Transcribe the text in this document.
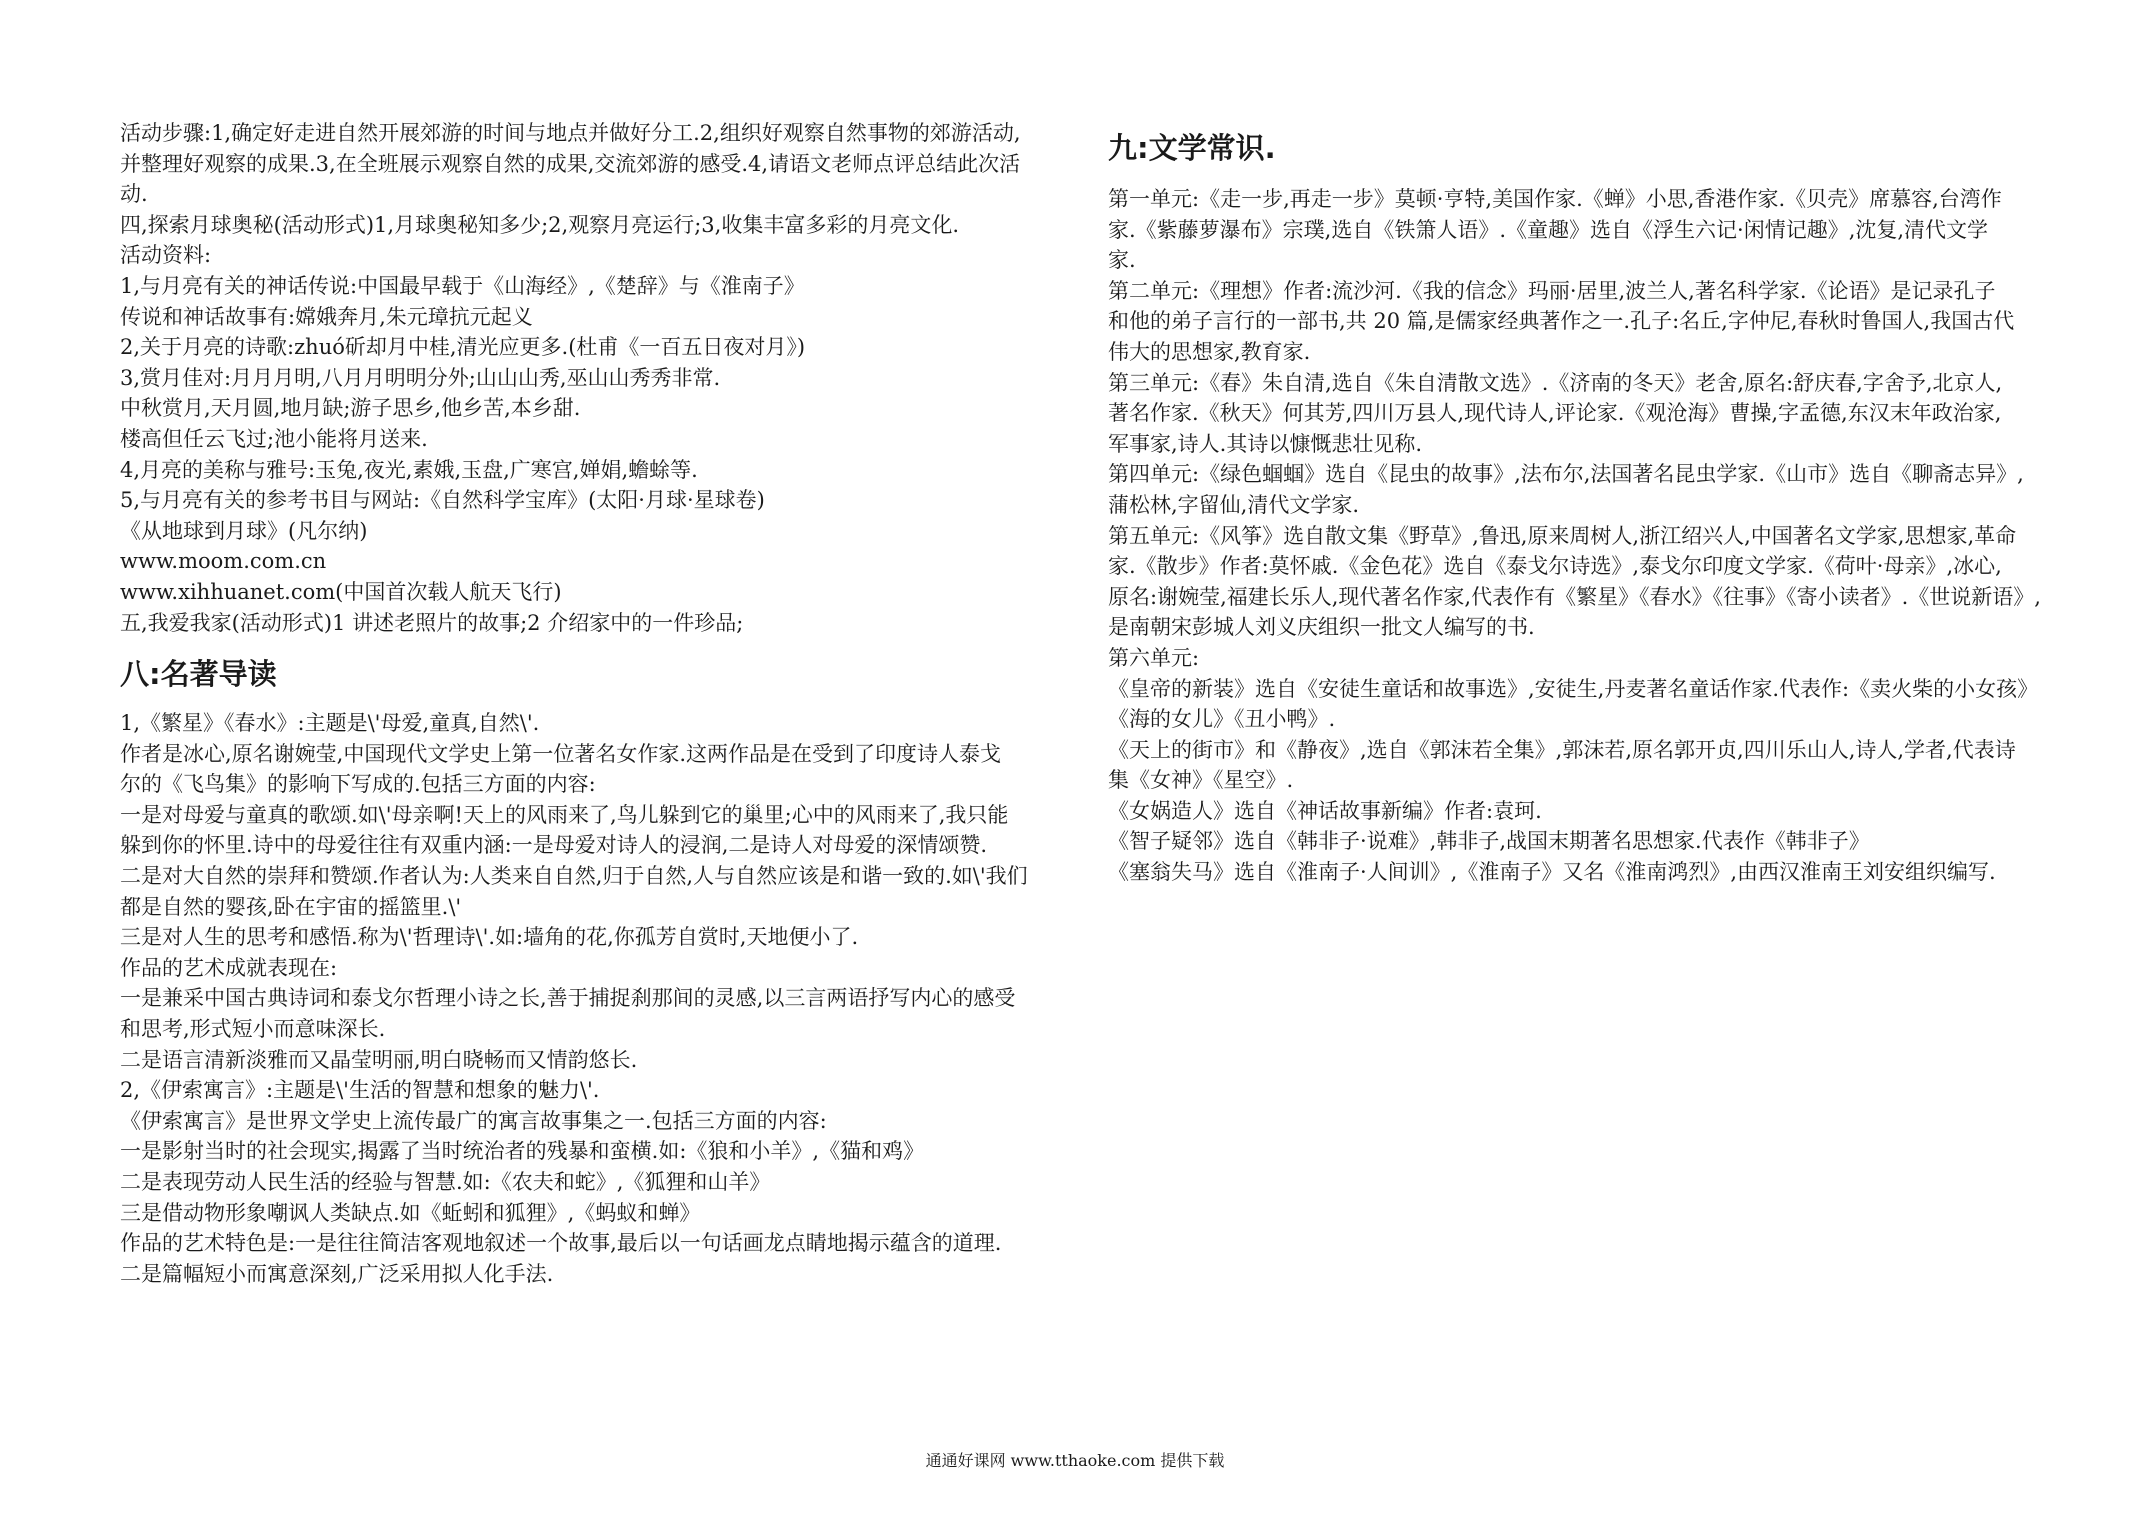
活动步骤:1,确定好走进自然开展郊游的时间与地点并做好分工.2,组织好观察自然事物的郊游活动,
并整理好观察的成果.3,在全班展示观察自然的成果,交流郊游的感受.4,请语文老师点评总结此次活
动.
四,探索月球奥秘(活动形式)1,月球奥秘知多少;2,观察月亮运行;3,收集丰富多彩的月亮文化.
活动资料:
1,与月亮有关的神话传说:中国最早载于《山海经》,《楚辞》与《淮南子》
传说和神话故事有:嫦娥奔月,朱元璋抗元起义
2,关于月亮的诗歌:zhuó斫却月中桂,清光应更多.(杜甫《一百五日夜对月》)
3,赏月佳对:月月月明,八月月明明分外;山山山秀,巫山山秀秀非常.
中秋赏月,天月圆,地月缺;游子思乡,他乡苦,本乡甜.
楼高但任云飞过;池小能将月送来.
4,月亮的美称与雅号:玉兔,夜光,素娥,玉盘,广寒宫,婵娟,蟾蜍等.
5,与月亮有关的参考书目与网站:《自然科学宝库》(太阳·月球·星球卷)
《从地球到月球》(凡尔纳)
www.moom.com.cn
www.xihhuanet.com(中国首次载人航天飞行)
五,我爱我家(活动形式)1 讲述老照片的故事;2 介绍家中的一件珍品;
八:名著导读
1,《繁星》《春水》:主题是\'母爱,童真,自然\'.
作者是冰心,原名谢婉莹,中国现代文学史上第一位著名女作家.这两作品是在受到了印度诗人泰戈
尔的《飞鸟集》的影响下写成的.包括三方面的内容:
一是对母爱与童真的歌颂.如\'母亲啊!天上的风雨来了,鸟儿躲到它的巢里;心中的风雨来了,我只能
躲到你的怀里.诗中的母爱往往有双重内涵:一是母爱对诗人的浸润,二是诗人对母爱的深情颂赞.
二是对大自然的崇拜和赞颂.作者认为:人类来自自然,归于自然,人与自然应该是和谐一致的.如\'我们
都是自然的婴孩,卧在宇宙的摇篮里.\'
三是对人生的思考和感悟.称为\'哲理诗\'.如:墙角的花,你孤芳自赏时,天地便小了.
作品的艺术成就表现在:
一是兼采中国古典诗词和泰戈尔哲理小诗之长,善于捕捉刹那间的灵感,以三言两语抒写内心的感受
和思考,形式短小而意味深长.
二是语言清新淡雅而又晶莹明丽,明白晓畅而又情韵悠长.
2,《伊索寓言》:主题是\'生活的智慧和想象的魅力\'.
《伊索寓言》是世界文学史上流传最广的寓言故事集之一.包括三方面的内容:
一是影射当时的社会现实,揭露了当时统治者的残暴和蛮横.如:《狼和小羊》,《猫和鸡》
二是表现劳动人民生活的经验与智慧.如:《农夫和蛇》,《狐狸和山羊》
三是借动物形象嘲讽人类缺点.如《蚯蚓和狐狸》,《蚂蚁和蝉》
作品的艺术特色是:一是往往简洁客观地叙述一个故事,最后以一句话画龙点睛地揭示蕴含的道理.
二是篇幅短小而寓意深刻,广泛采用拟人化手法.
九:文学常识.
第一单元:《走一步,再走一步》莫顿·亨特,美国作家.《蝉》小思,香港作家.《贝壳》席慕容,台湾作
家.《紫藤萝瀑布》宗璞,选自《铁箫人语》.《童趣》选自《浮生六记·闲情记趣》,沈复,清代文学
家.
第二单元:《理想》作者:流沙河.《我的信念》玛丽·居里,波兰人,著名科学家.《论语》是记录孔子
和他的弟子言行的一部书,共 20 篇,是儒家经典著作之一.孔子:名丘,字仲尼,春秋时鲁国人,我国古代
伟大的思想家,教育家.
第三单元:《春》朱自清,选自《朱自清散文选》.《济南的冬天》老舍,原名:舒庆春,字舍予,北京人,
著名作家.《秋天》何其芳,四川万县人,现代诗人,评论家.《观沧海》曹操,字孟德,东汉末年政治家,
军事家,诗人.其诗以慷慨悲壮见称.
第四单元:《绿色蝈蝈》选自《昆虫的故事》,法布尔,法国著名昆虫学家.《山市》选自《聊斋志异》,
蒲松林,字留仙,清代文学家.
第五单元:《风筝》选自散文集《野草》,鲁迅,原来周树人,浙江绍兴人,中国著名文学家,思想家,革命
家.《散步》作者:莫怀戚.《金色花》选自《泰戈尔诗选》,泰戈尔印度文学家.《荷叶·母亲》,冰心,
原名:谢婉莹,福建长乐人,现代著名作家,代表作有《繁星》《春水》《往事》《寄小读者》.《世说新语》,
是南朝宋彭城人刘义庆组织一批文人编写的书.
第六单元:
《皇帝的新装》选自《安徒生童话和故事选》,安徒生,丹麦著名童话作家.代表作:《卖火柴的小女孩》
《海的女儿》《丑小鸭》.
《天上的街市》和《静夜》,选自《郭沫若全集》,郭沫若,原名郭开贞,四川乐山人,诗人,学者,代表诗
集《女神》《星空》.
《女娲造人》选自《神话故事新编》作者:袁珂.
《智子疑邻》选自《韩非子·说难》,韩非子,战国末期著名思想家.代表作《韩非子》
《塞翁失马》选自《淮南子·人间训》,《淮南子》又名《淮南鸿烈》,由西汉淮南王刘安组织编写.
通通好课网 www.tthaoke.com 提供下载
